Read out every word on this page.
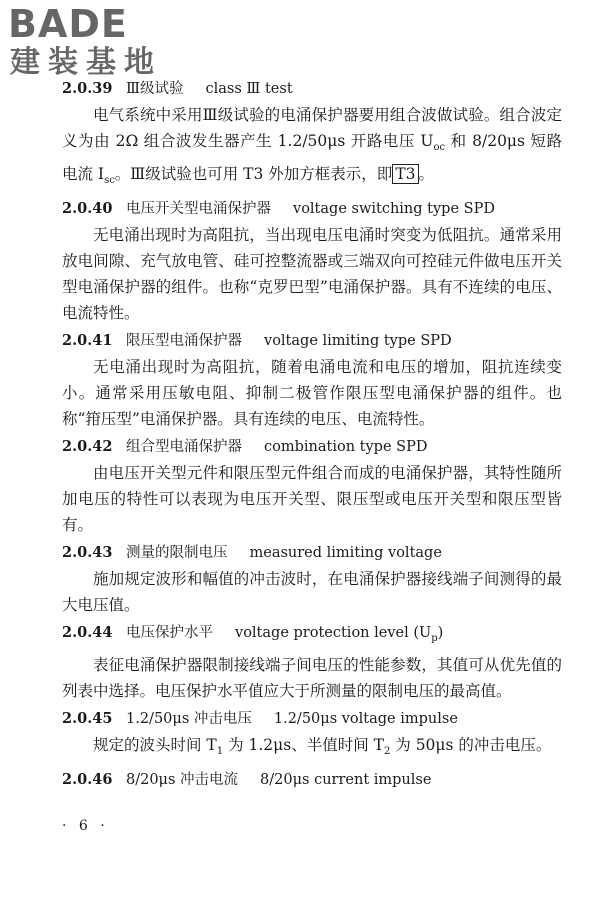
BADE
建装基地
2.0.39 Ⅲ级试验 class Ⅲ test

电气系统中采用Ⅲ级试验的电涌保护器要用组合波做试验。组合波定义为由 2Ω 组合波发生器产生 1.2/50μs 开路电压 $U_{oc}$ 和 8/20μs 短路电流 $I_{sc}$。Ⅲ级试验也可用 T3 外加方框表示，即 T3 。

2.0.40 电压开关型电涌保护器 voltage switching type SPD

无电涌出现时为高阻抗，当出现电压电涌时突变为低阻抗。通常采用放电间隙、充气放电管、硅可控整流器或三端双向可控硅元件做电压开关型电涌保护器的组件。也称“克罗巴型”电涌保护器。具有不连续的电压、电流特性。

2.0.41 限压型电涌保护器 voltage limiting type SPD

无电涌出现时为高阻抗，随着电涌电流和电压的增加，阻抗连续变小。通常采用压敏电阻、抑制二极管作限压型电涌保护器的组件。也称“箝压型”电涌保护器。具有连续的电压、电流特性。

2.0.42 组合型电涌保护器 combination type SPD

由电压开关型元件和限压型元件组合而成的电涌保护器，其特性随所加电压的特性可以表现为电压开关型、限压型或电压开关型和限压型皆有。

2.0.43 测量的限制电压 measured limiting voltage

施加规定波形和幅值的冲击波时，在电涌保护器接线端子间测得的最大电压值。

2.0.44 电压保护水平 voltage protection level $(U_p)$

表征电涌保护器限制接线端子间电压的性能参数，其值可从优先值的列表中选择。电压保护水平值应大于所测量的限制电压的最高值。

2.0.45 1.2/50μs 冲击电压 1.2/50μs voltage impulse

规定的波头时间 $T_1$ 为 1.2μs、半值时间 $T_2$ 为 50μs 的冲击电压。

2.0.46 8/20μs 冲击电流 8/20μs current impulse
· 6 ·
